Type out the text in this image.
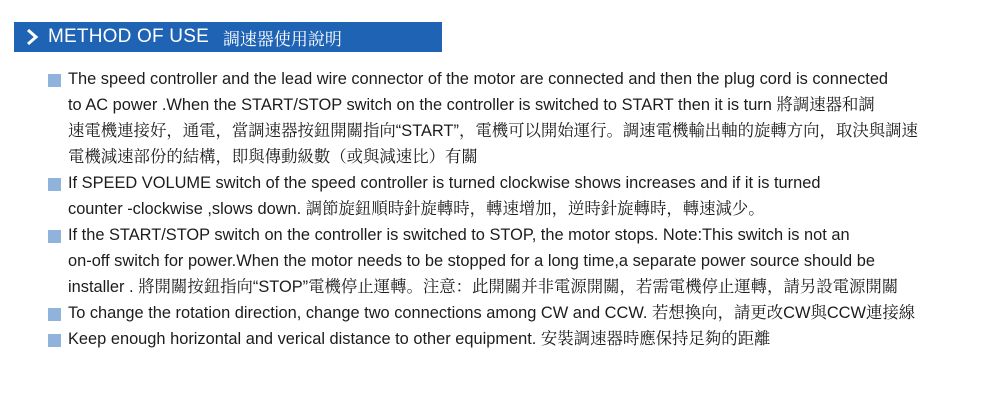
METHOD OF USE 調速器使用說明
The speed controller and the lead wire connector of the motor are connected and then the plug cord is connected
to AC power .When the START/STOP switch on the controller is switched to START then it is turn 將調速器和調
速電機連接好，通電，當調速器按鈕開關指向“START”，電機可以開始運行。調速電機輸出軸的旋轉方向，取決與調速
電機減速部份的結構，即與傳動級數（或與減速比）有關
If SPEED VOLUME switch of the speed controller is turned clockwise shows increases and if it is turned
counter -clockwise ,slows down. 調節旋鈕順時針旋轉時，轉速增加，逆時針旋轉時，轉速減少。
If the START/STOP switch on the controller is switched to STOP, the motor stops. Note:This switch is not an
on-off switch for power.When the motor needs to be stopped for a long time,a separate power source should be
installer . 將開關按鈕指向“STOP”電機停止運轉。注意：此開關并非電源開關，若需電機停止運轉，請另設電源開關
To change the rotation direction, change two connections among CW and CCW. 若想換向，請更改CW與CCW連接線
Keep enough horizontal and verical distance to other equipment. 安裝調速器時應保持足夠的距離
